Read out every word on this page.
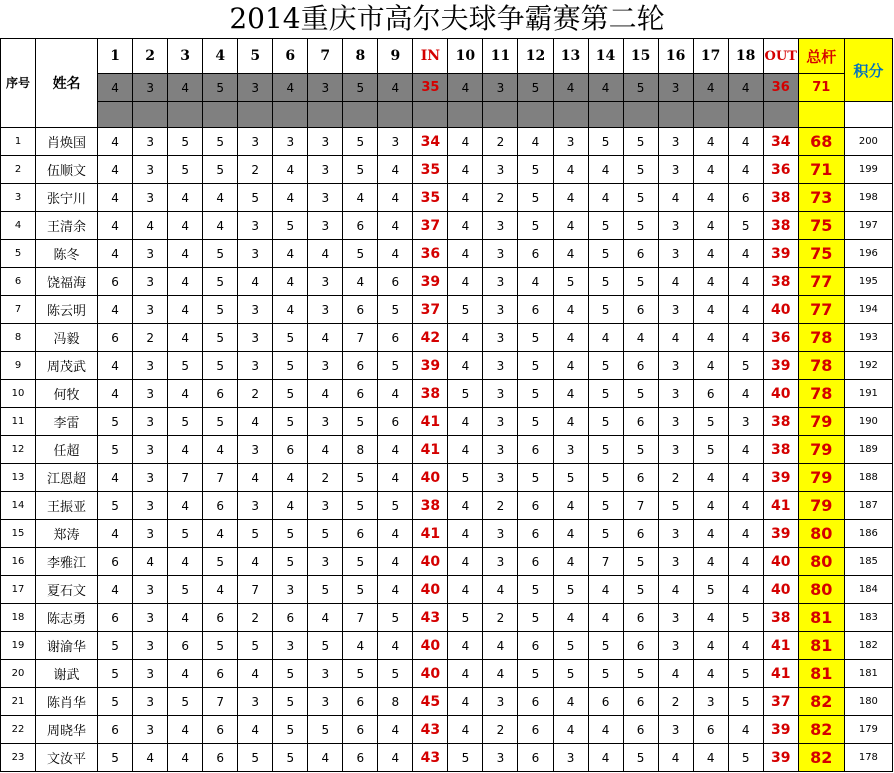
2014重庆市高尔夫球争霸赛第二轮
序号	姓名	1	2	3	4	5	6	7	8	9	IN	10	11	12	13	14	15	16	17	18	OUT	总杆	积分
		4	3	4	5	3	4	3	5	4	35	4	3	5	4	4	5	3	4	4	36	71	

1	肖焕国	4	3	5	5	3	3	3	5	3	34	4	2	4	3	5	5	3	4	4	34	68	200
2	伍顺文	4	3	5	5	2	4	3	5	4	35	4	3	5	4	4	5	3	4	4	36	71	199
3	张宁川	4	3	4	4	5	4	3	4	4	35	4	2	5	4	4	5	4	4	6	38	73	198
4	王清余	4	4	4	4	3	5	3	6	4	37	4	3	5	4	5	5	3	4	5	38	75	197
5	陈冬	4	3	4	5	3	4	4	5	4	36	4	3	6	4	5	6	3	4	4	39	75	196
6	饶福海	6	3	4	5	4	4	3	4	6	39	4	3	4	5	5	5	4	4	4	38	77	195
7	陈云明	4	3	4	5	3	4	3	6	5	37	5	3	6	4	5	6	3	4	4	40	77	194
8	冯毅	6	2	4	5	3	5	4	7	6	42	4	3	5	4	4	4	4	4	4	36	78	193
9	周茂武	4	3	5	5	3	5	3	6	5	39	4	3	5	4	5	6	3	4	5	39	78	192
10	何牧	4	3	4	6	2	5	4	6	4	38	5	3	5	4	5	5	3	6	4	40	78	191
11	李雷	5	3	5	5	4	5	3	5	6	41	4	3	5	4	5	6	3	5	3	38	79	190
12	任超	5	3	4	4	3	6	4	8	4	41	4	3	6	3	5	5	3	5	4	38	79	189
13	江恩超	4	3	7	7	4	4	2	5	4	40	5	3	5	5	5	6	2	4	4	39	79	188
14	王振亚	5	3	4	6	3	4	3	5	5	38	4	2	6	4	5	7	5	4	4	41	79	187
15	郑涛	4	3	5	4	5	5	5	6	4	41	4	3	6	4	5	6	3	4	4	39	80	186
16	李雅江	6	4	4	5	4	5	3	5	4	40	4	3	6	4	7	5	3	4	4	40	80	185
17	夏石文	4	3	5	4	7	3	5	5	4	40	4	4	5	5	4	5	4	5	4	40	80	184
18	陈志勇	6	3	4	6	2	6	4	7	5	43	5	2	5	4	4	6	3	4	5	38	81	183
19	谢渝华	5	3	6	5	5	3	5	4	4	40	4	4	6	5	5	6	3	4	4	41	81	182
20	谢武	5	3	4	6	4	5	3	5	5	40	4	4	5	5	5	5	4	4	5	41	81	181
21	陈肖华	5	3	5	7	3	5	3	6	8	45	4	3	6	4	6	6	2	3	5	37	82	180
22	周晓华	6	3	4	6	4	5	5	6	4	43	4	2	6	4	4	6	3	6	4	39	82	179
23	文汝平	5	4	4	6	5	5	4	6	4	43	5	3	6	3	4	5	4	4	5	39	82	178
